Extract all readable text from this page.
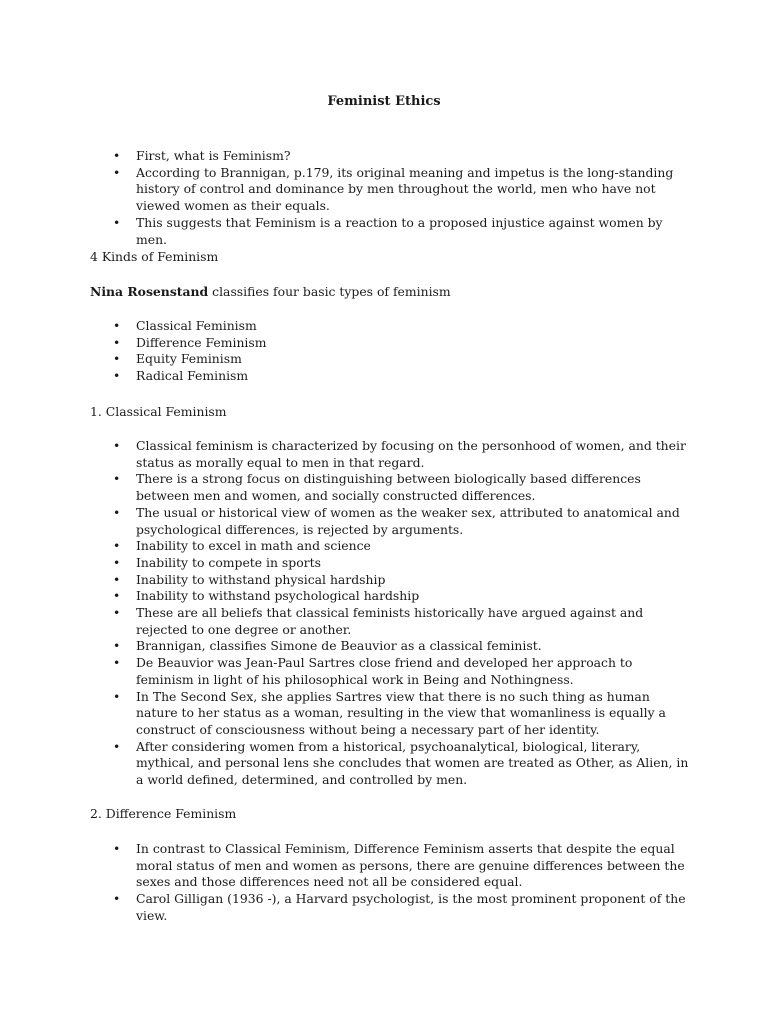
Feminist Ethics
• First, what is Feminism?
• According to Brannigan, p.179, its original meaning and impetus is the long-standing history of control and dominance by men throughout the world, men who have not viewed women as their equals.
• This suggests that Feminism is a reaction to a proposed injustice against women by men.

4 Kinds of Feminism

Nina Rosenstand classifies four basic types of feminism

• Classical Feminism
• Difference Feminism
• Equity Feminism
• Radical Feminism

1. Classical Feminism

• Classical feminism is characterized by focusing on the personhood of women, and their status as morally equal to men in that regard.
• There is a strong focus on distinguishing between biologically based differences between men and women, and socially constructed differences.
• The usual or historical view of women as the weaker sex, attributed to anatomical and psychological differences, is rejected by arguments.
• Inability to excel in math and science
• Inability to compete in sports
• Inability to withstand physical hardship
• Inability to withstand psychological hardship
• These are all beliefs that classical feminists historically have argued against and rejected to one degree or another.
• Brannigan, classifies Simone de Beauvior as a classical feminist.
• De Beauvior was Jean-Paul Sartres close friend and developed her approach to feminism in light of his philosophical work in Being and Nothingness.
• In The Second Sex, she applies Sartres view that there is no such thing as human nature to her status as a woman, resulting in the view that womanliness is equally a construct of consciousness without being a necessary part of her identity.
• After considering women from a historical, psychoanalytical, biological, literary, mythical, and personal lens she concludes that women are treated as Other, as Alien, in a world defined, determined, and controlled by men.

2. Difference Feminism

• In contrast to Classical Feminism, Difference Feminism asserts that despite the equal moral status of men and women as persons, there are genuine differences between the sexes and those differences need not all be considered equal.
• Carol Gilligan (1936 -), a Harvard psychologist, is the most prominent proponent of the view.
